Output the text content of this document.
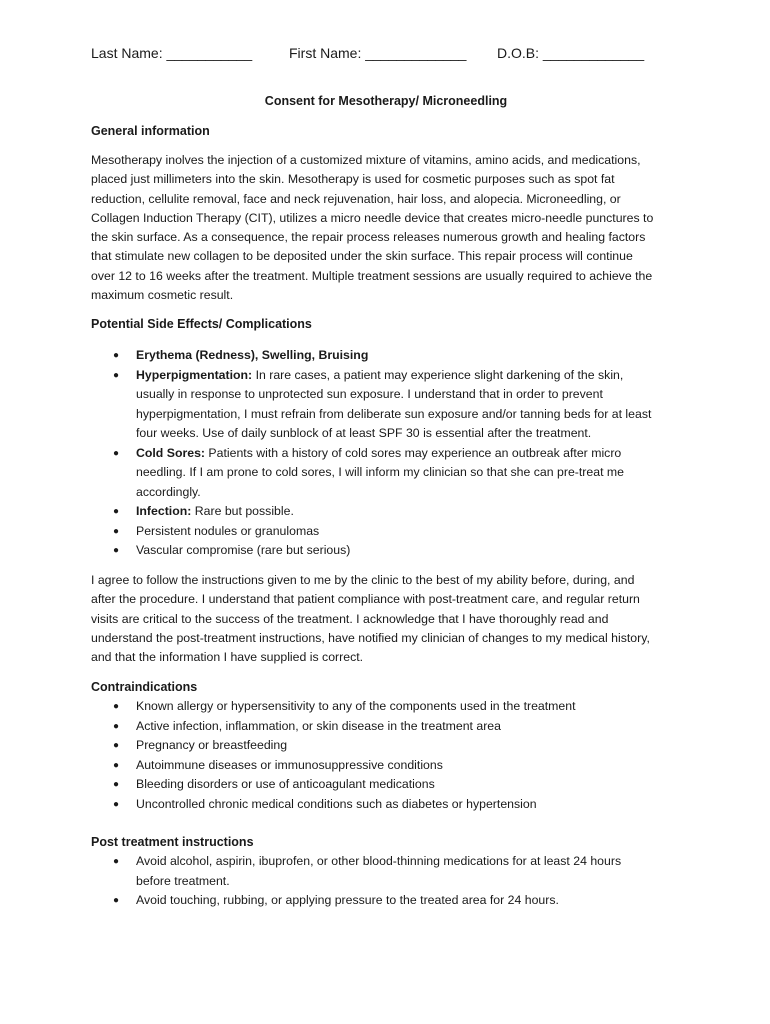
Last Name: ___________

	First Name: _____________

D.O.B: _____________

Consent for Mesotherapy/ Microneedling
General information
Mesotherapy inolves the injection of a customized mixture of vitamins, amino acids, and medications,
placed just millimeters into the skin. Mesotherapy is used for cosmetic purposes such as spot fat
reduction, cellulite removal, face and neck rejuvenation, hair loss, and alopecia. Microneedling, or
Collagen Induction Therapy (CIT), utilizes a micro needle device that creates micro-needle punctures to
the skin surface. As a consequence, the repair process releases numerous growth and healing factors
that stimulate new collagen to be deposited under the skin surface. This repair process will continue
over 12 to 16 weeks after the treatment. Multiple treatment sessions are usually required to achieve the
maximum cosmetic result.
Potential Side Effects/ Complications
● Erythema (Redness), Swelling, Bruising
● Hyperpigmentation: In rare cases, a patient may experience slight darkening of the skin,
usually in response to unprotected sun exposure. I understand that in order to prevent
hyperpigmentation, I must refrain from deliberate sun exposure and/or tanning beds for at least
four weeks. Use of daily sunblock of at least SPF 30 is essential after the treatment.
● Cold Sores: Patients with a history of cold sores may experience an outbreak after micro
needling. If I am prone to cold sores, I will inform my clinician so that she can pre-treat me
accordingly.
● Infection: Rare but possible.
● Persistent nodules or granulomas
● Vascular compromise (rare but serious)
I agree to follow the instructions given to me by the clinic to the best of my ability before, during, and
after the procedure. I understand that patient compliance with post-treatment care, and regular return
visits are critical to the success of the treatment. I acknowledge that I have thoroughly read and
understand the post-treatment instructions, have notified my clinician of changes to my medical history,
and that the information I have supplied is correct.
Contraindications
● Known allergy or hypersensitivity to any of the components used in the treatment
● Active infection, inflammation, or skin disease in the treatment area
● Pregnancy or breastfeeding
● Autoimmune diseases or immunosuppressive conditions
● Bleeding disorders or use of anticoagulant medications
● Uncontrolled chronic medical conditions such as diabetes or hypertension
Post treatment instructions
● Avoid alcohol, aspirin, ibuprofen, or other blood-thinning medications for at least 24 hours
before treatment.
● Avoid touching, rubbing, or applying pressure to the treated area for 24 hours.
